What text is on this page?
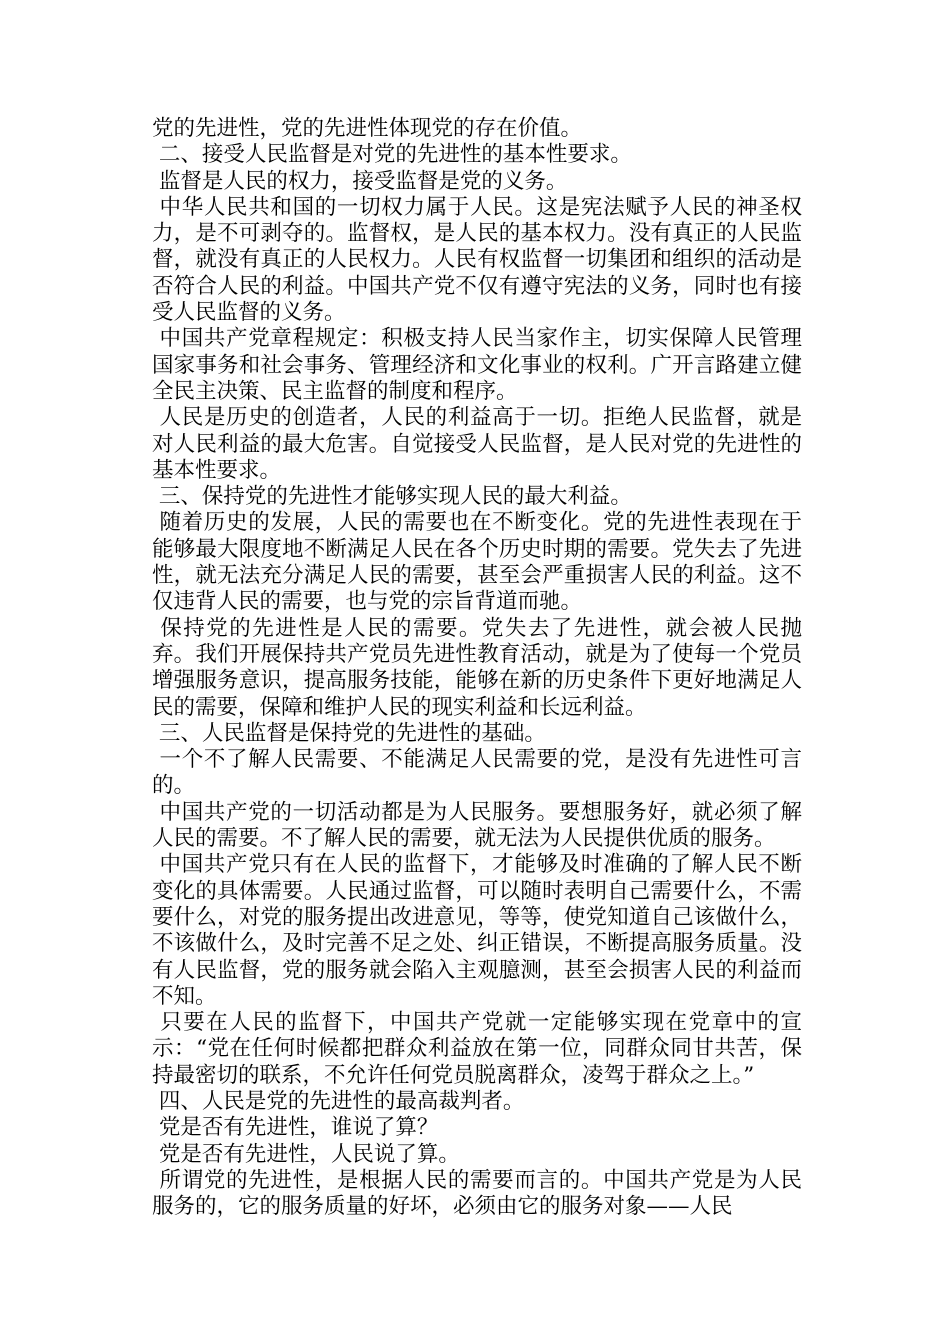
党的先进性，党的先进性体现党的存在价值。

二、接受人民监督是对党的先进性的基本性要求。

监督是人民的权力，接受监督是党的义务。

中华人民共和国的一切权力属于人民。这是宪法赋予人民的神圣权力，是不可剥夺的。监督权，是人民的基本权力。没有真正的人民监督，就没有真正的人民权力。人民有权监督一切集团和组织的活动是否符合人民的利益。中国共产党不仅有遵守宪法的义务，同时也有接受人民监督的义务。

中国共产党章程规定：积极支持人民当家作主，切实保障人民管理国家事务和社会事务、管理经济和文化事业的权利。广开言路建立健全民主决策、民主监督的制度和程序。

人民是历史的创造者，人民的利益高于一切。拒绝人民监督，就是对人民利益的最大危害。自觉接受人民监督，是人民对党的先进性的基本性要求。

三、保持党的先进性才能够实现人民的最大利益。

随着历史的发展，人民的需要也在不断变化。党的先进性表现在于能够最大限度地不断满足人民在各个历史时期的需要。党失去了先进性，就无法充分满足人民的需要，甚至会严重损害人民的利益。这不仅违背人民的需要，也与党的宗旨背道而驰。

保持党的先进性是人民的需要。党失去了先进性，就会被人民抛弃。我们开展保持共产党员先进性教育活动，就是为了使每一个党员增强服务意识，提高服务技能，能够在新的历史条件下更好地满足人民的需要，保障和维护人民的现实利益和长远利益。

三、人民监督是保持党的先进性的基础。

一个不了解人民需要、不能满足人民需要的党，是没有先进性可言的。

中国共产党的一切活动都是为人民服务。要想服务好，就必须了解人民的需要。不了解人民的需要，就无法为人民提供优质的服务。

中国共产党只有在人民的监督下，才能够及时准确的了解人民不断变化的具体需要。人民通过监督，可以随时表明自己需要什么，不需要什么，对党的服务提出改进意见，等等，使党知道自己该做什么，不该做什么，及时完善不足之处、纠正错误，不断提高服务质量。没有人民监督，党的服务就会陷入主观臆测，甚至会损害人民的利益而不知。

只要在人民的监督下，中国共产党就一定能够实现在党章中的宣示：“党在任何时候都把群众利益放在第一位，同群众同甘共苦，保持最密切的联系，不允许任何党员脱离群众，凌驾于群众之上。”

四、人民是党的先进性的最高裁判者。

党是否有先进性，谁说了算？

党是否有先进性，人民说了算。

所谓党的先进性，是根据人民的需要而言的。中国共产党是为人民服务的，它的服务质量的好坏，必须由它的服务对象——人民
